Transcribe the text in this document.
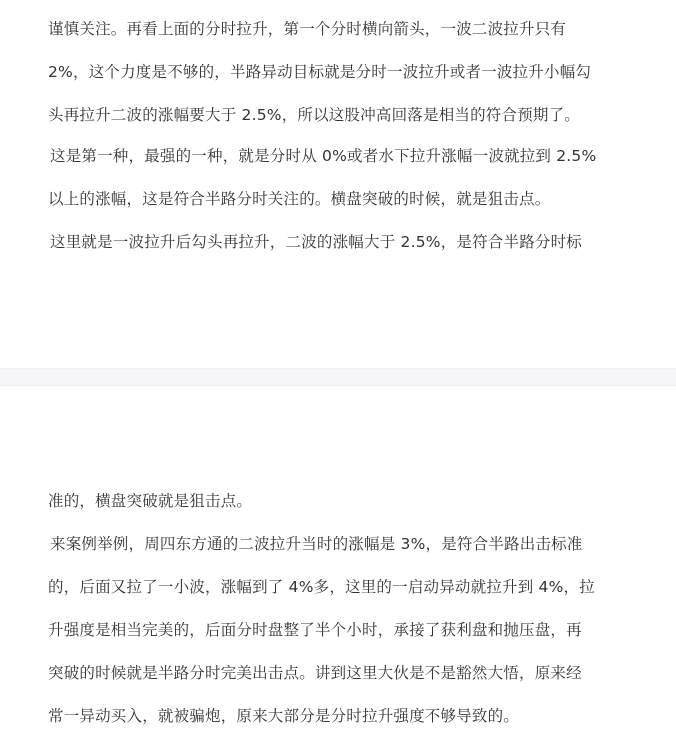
谨慎关注。再看上面的分时拉升，第一个分时横向箭头，一波二波拉升只有
2%，这个力度是不够的，半路异动目标就是分时一波拉升或者一波拉升小幅勾
头再拉升二波的涨幅要大于 2.5%，所以这股冲高回落是相当的符合预期了。
这是第一种，最强的一种，就是分时从 0%或者水下拉升涨幅一波就拉到 2.5%
以上的涨幅，这是符合半路分时关注的。横盘突破的时候，就是狙击点。
这里就是一波拉升后勾头再拉升，二波的涨幅大于 2.5%，是符合半路分时标
准的，横盘突破就是狙击点。
来案例举例，周四东方通的二波拉升当时的涨幅是 3%，是符合半路出击标准
的，后面又拉了一小波，涨幅到了 4%多，这里的一启动异动就拉升到 4%，拉
升强度是相当完美的，后面分时盘整了半个小时，承接了获利盘和抛压盘，再
突破的时候就是半路分时完美出击点。讲到这里大伙是不是豁然大悟，原来经
常一异动买入，就被骗炮，原来大部分是分时拉升强度不够导致的。
